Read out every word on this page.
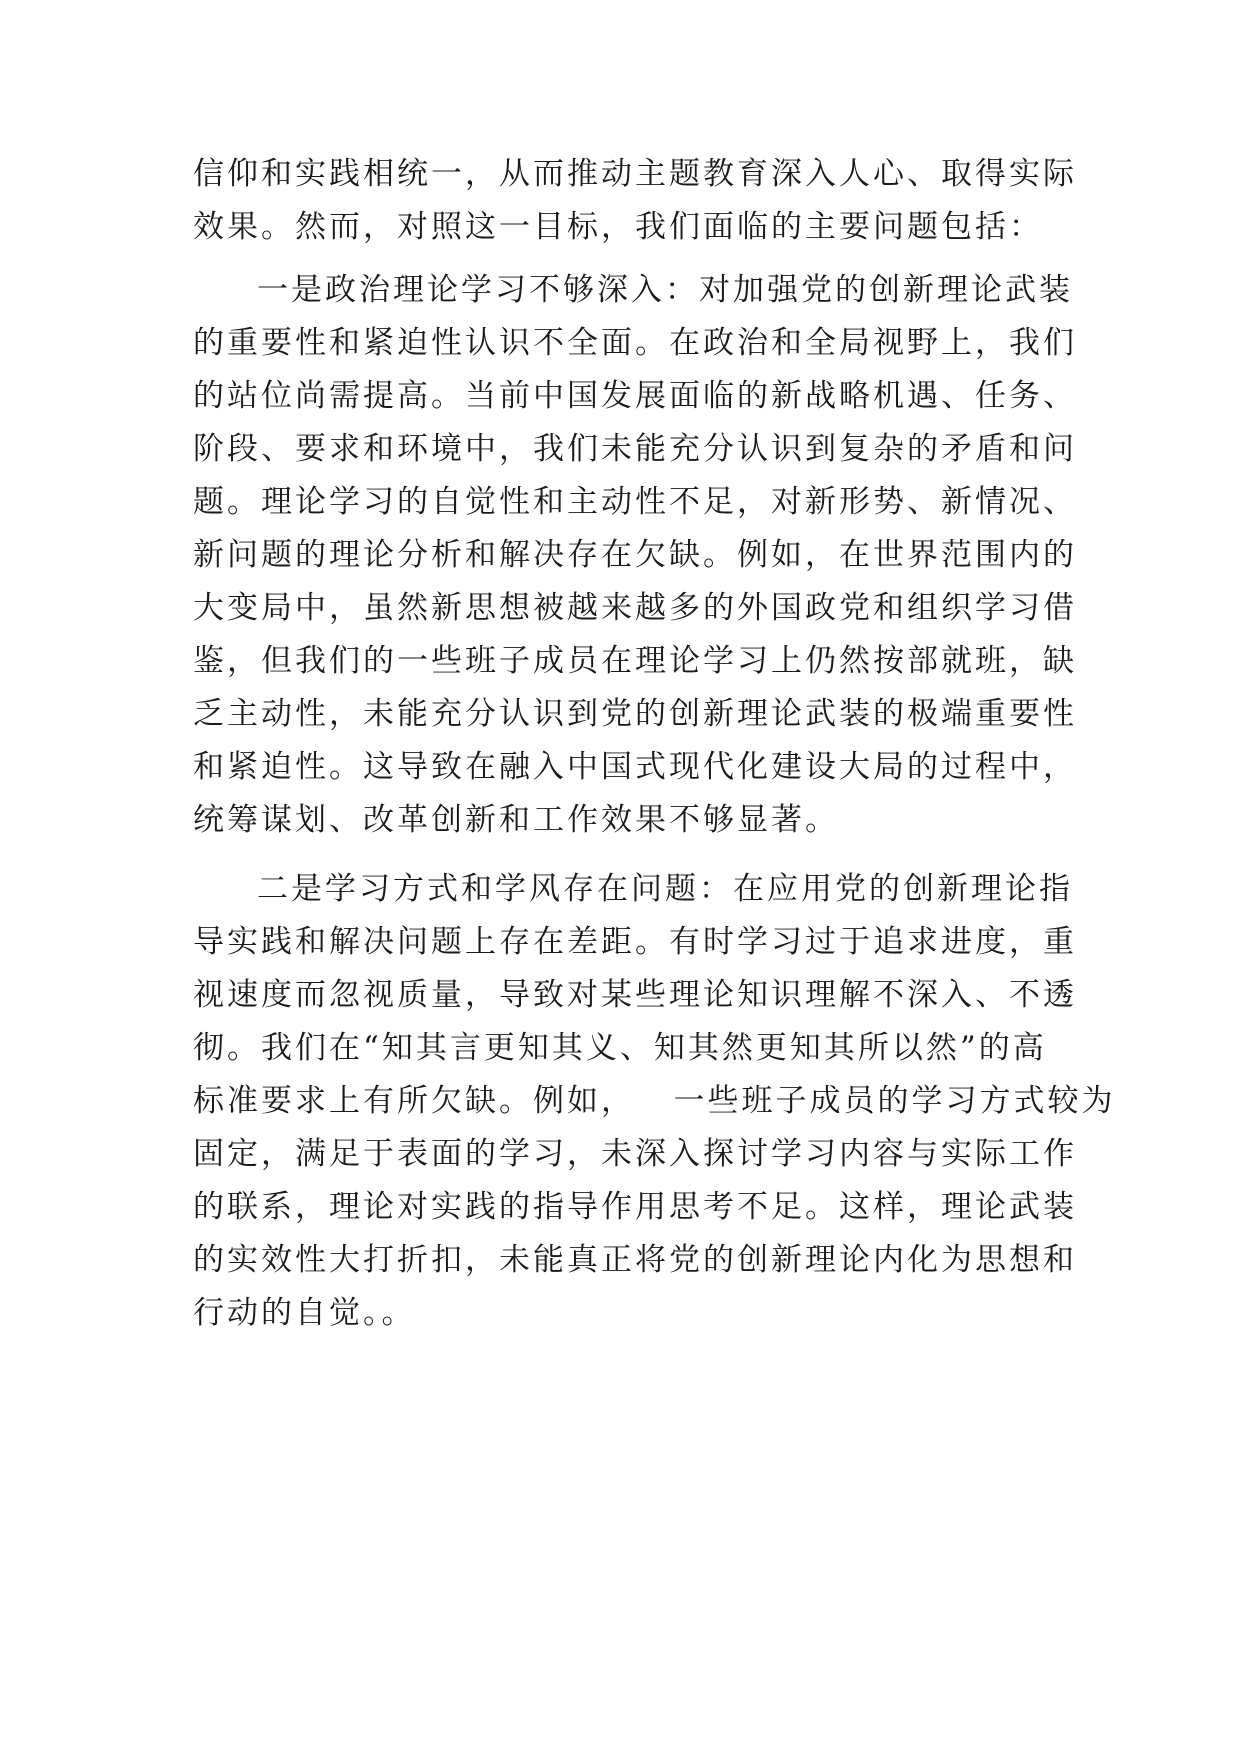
信仰和实践相统一，从而推动主题教育深入人心、取得实际
效果。然而，对照这一目标，我们面临的主要问题包括：
一是政治理论学习不够深入：对加强党的创新理论武装
的重要性和紧迫性认识不全面。在政治和全局视野上，我们
的站位尚需提高。当前中国发展面临的新战略机遇、任务、
阶段、要求和环境中，我们未能充分认识到复杂的矛盾和问
题。理论学习的自觉性和主动性不足，对新形势、新情况、
新问题的理论分析和解决存在欠缺。例如，在世界范围内的
大变局中，虽然新思想被越来越多的外国政党和组织学习借
鉴，但我们的一些班子成员在理论学习上仍然按部就班，缺
乏主动性，未能充分认识到党的创新理论武装的极端重要性
和紧迫性。这导致在融入中国式现代化建设大局的过程中，
统筹谋划、改革创新和工作效果不够显著。
二是学习方式和学风存在问题：在应用党的创新理论指
导实践和解决问题上存在差距。有时学习过于追求进度，重
视速度而忽视质量，导致对某些理论知识理解不深入、不透
彻。我们在“知其言更知其义、知其然更知其所以然”的高
标准要求上有所欠缺。例如，   一些班子成员的学习方式较为
固定，满足于表面的学习，未深入探讨学习内容与实际工作
的联系，理论对实践的指导作用思考不足。这样，理论武装
的实效性大打折扣，未能真正将党的创新理论内化为思想和
行动的自觉。。
